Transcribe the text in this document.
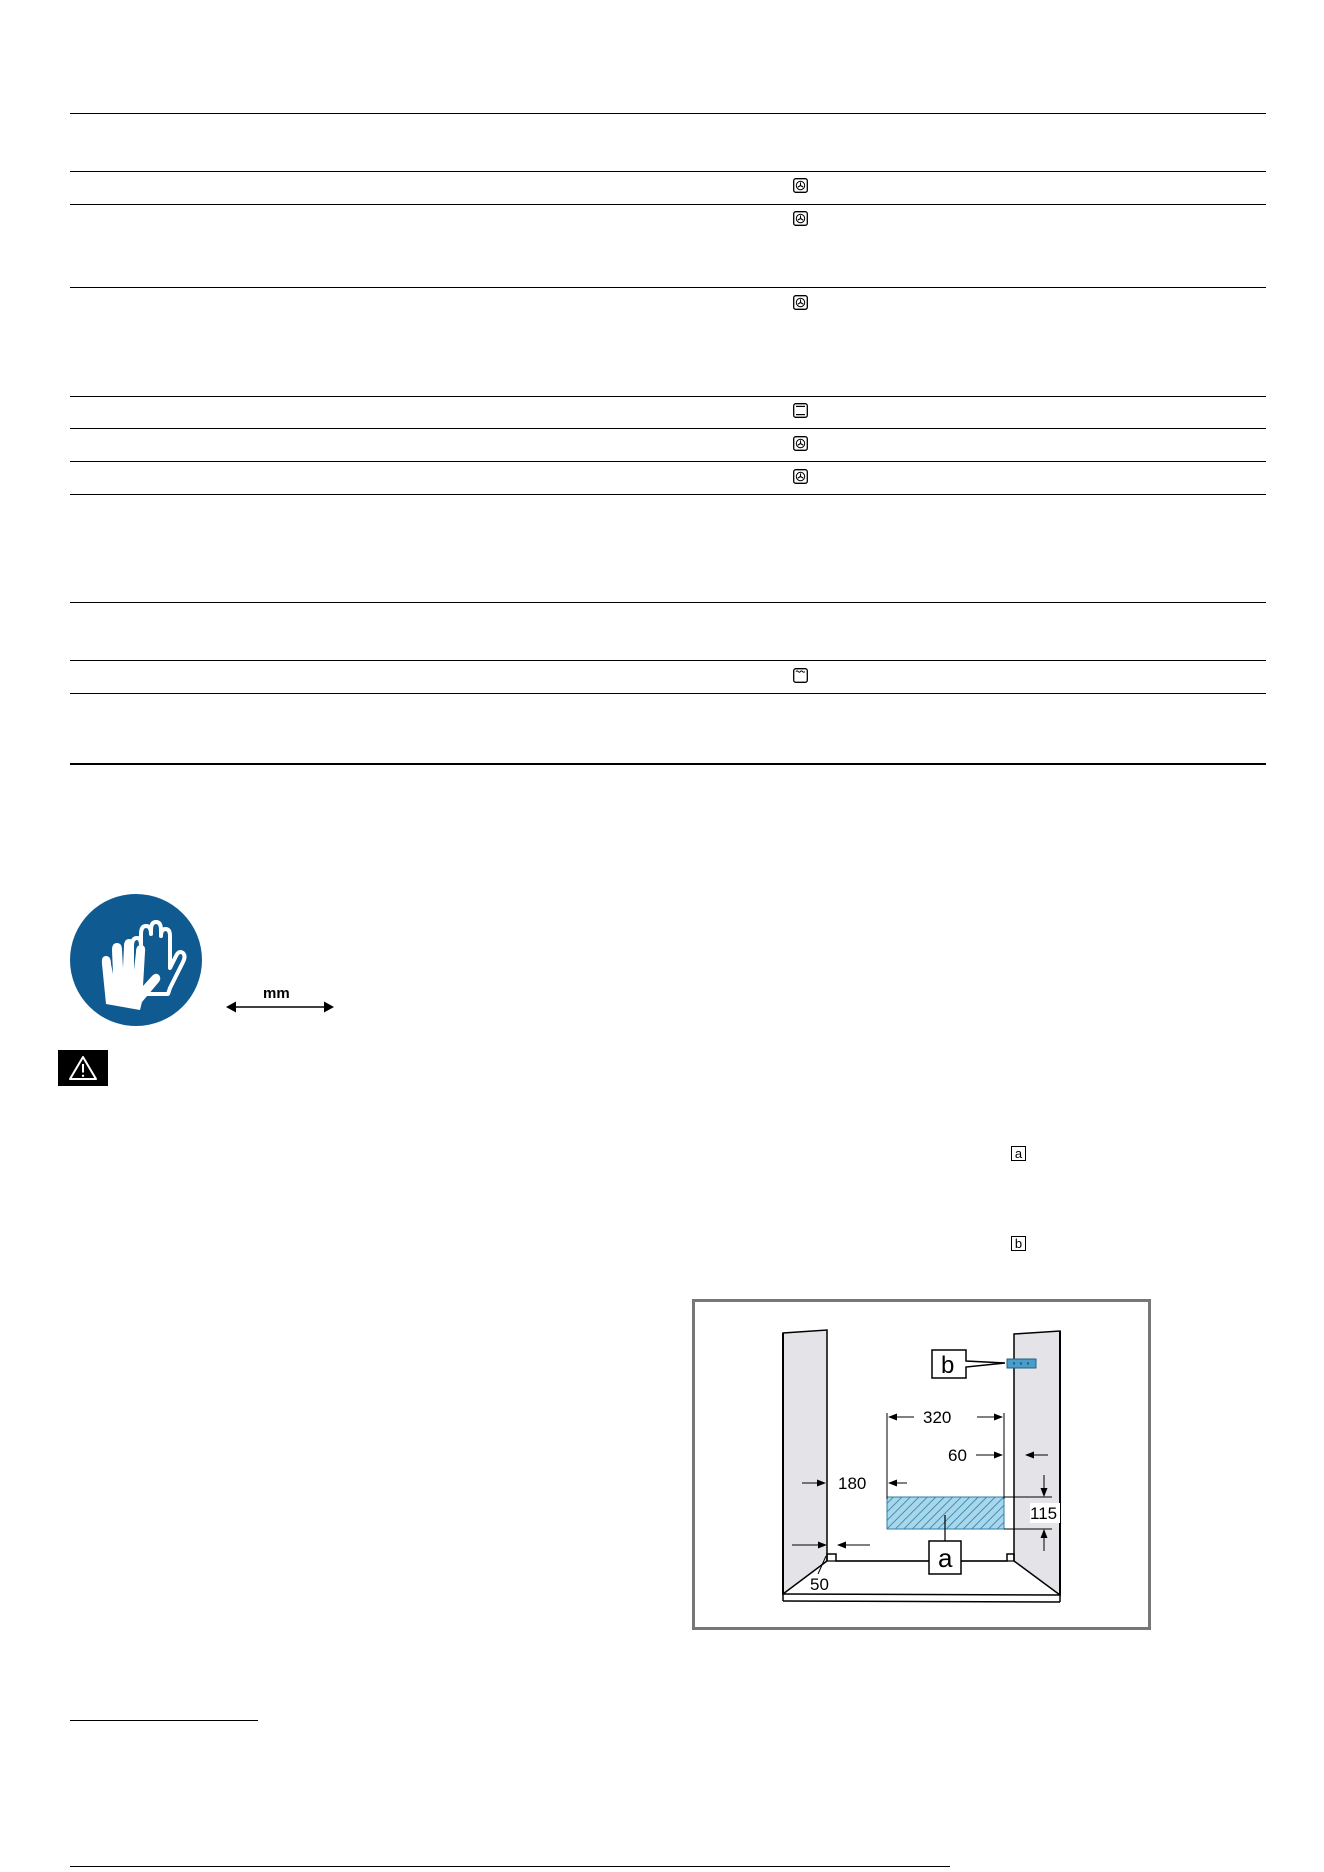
mm
a
b
b
a
320
60
180
115
50
